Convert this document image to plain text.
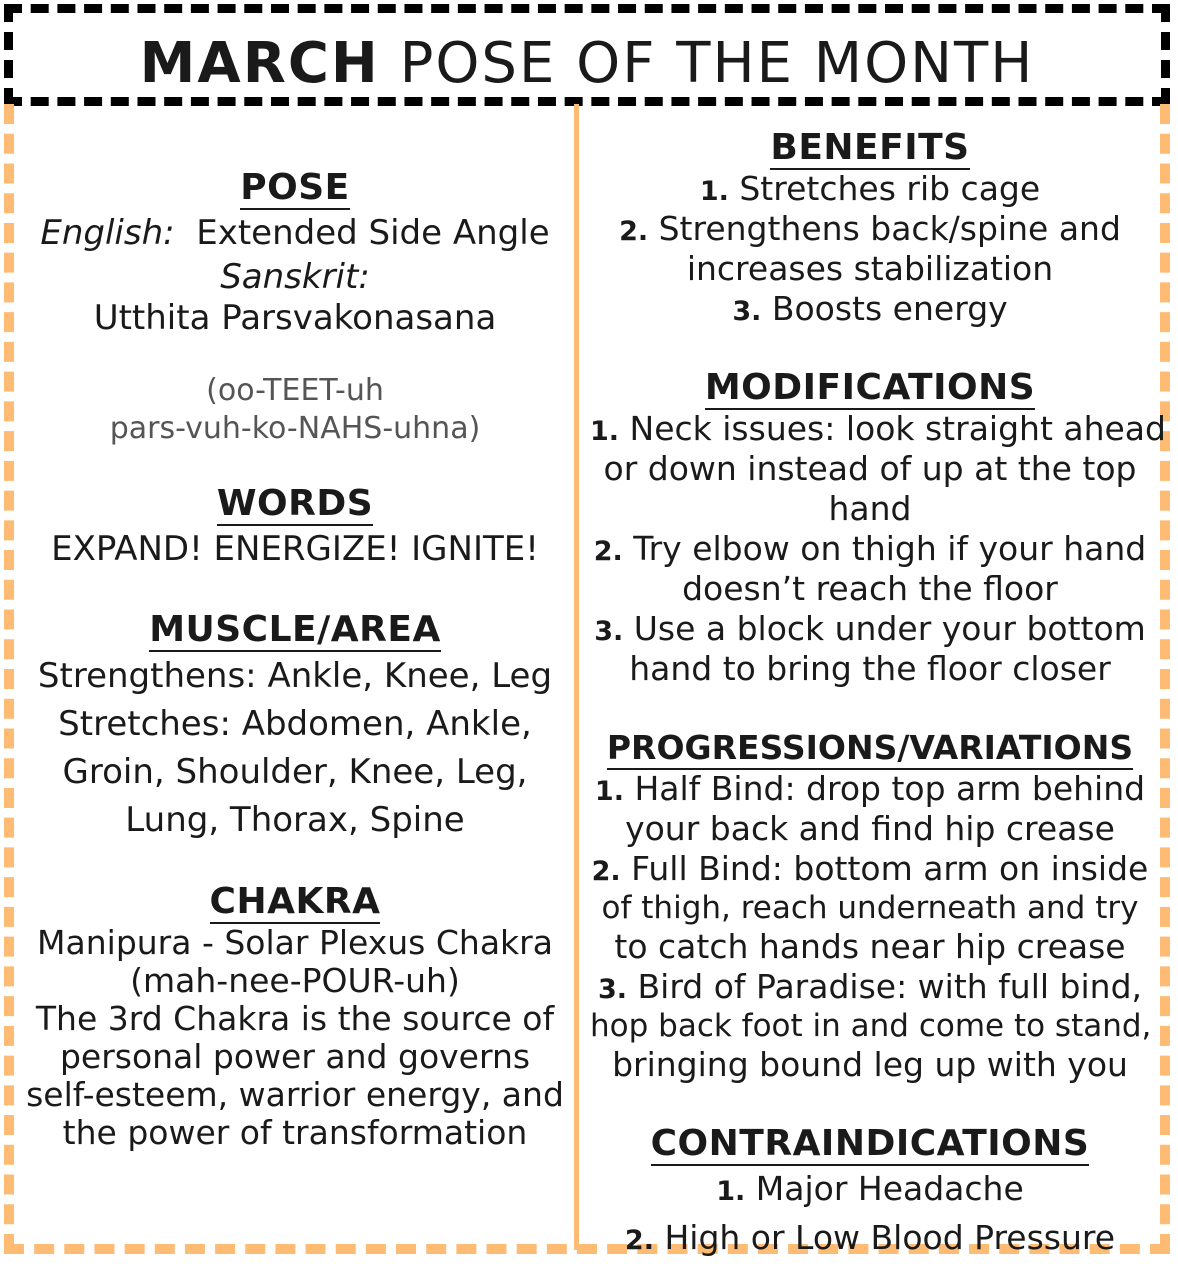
MARCH POSE OF THE MONTH
POSE
English:  Extended Side Angle
Sanskrit:
Utthita Parsvakonasana
(oo-TEET-uh
pars-vuh-ko-NAHS-uhna)
WORDS
EXPAND! ENERGIZE! IGNITE!
MUSCLE/AREA
Strengthens: Ankle, Knee, Leg
Stretches: Abdomen, Ankle,
Groin, Shoulder, Knee, Leg,
Lung, Thorax, Spine
CHAKRA
Manipura - Solar Plexus Chakra
(mah-nee-POUR-uh)
The 3rd Chakra is the source of
personal power and governs
self-esteem, warrior energy, and
the power of transformation
BENEFITS
1. Stretches rib cage
2. Strengthens back/spine and
increases stabilization
3. Boosts energy
MODIFICATIONS
1. Neck issues: look straight ahead
or down instead of up at the top
hand
2. Try elbow on thigh if your hand
doesn’t reach the floor
3. Use a block under your bottom
hand to bring the floor closer
PROGRESSIONS/VARIATIONS
1. Half Bind: drop top arm behind
your back and find hip crease
2. Full Bind: bottom arm on inside
of thigh, reach underneath and try
to catch hands near hip crease
3. Bird of Paradise: with full bind,
hop back foot in and come to stand,
bringing bound leg up with you
CONTRAINDICATIONS
1. Major Headache
2. High or Low Blood Pressure
